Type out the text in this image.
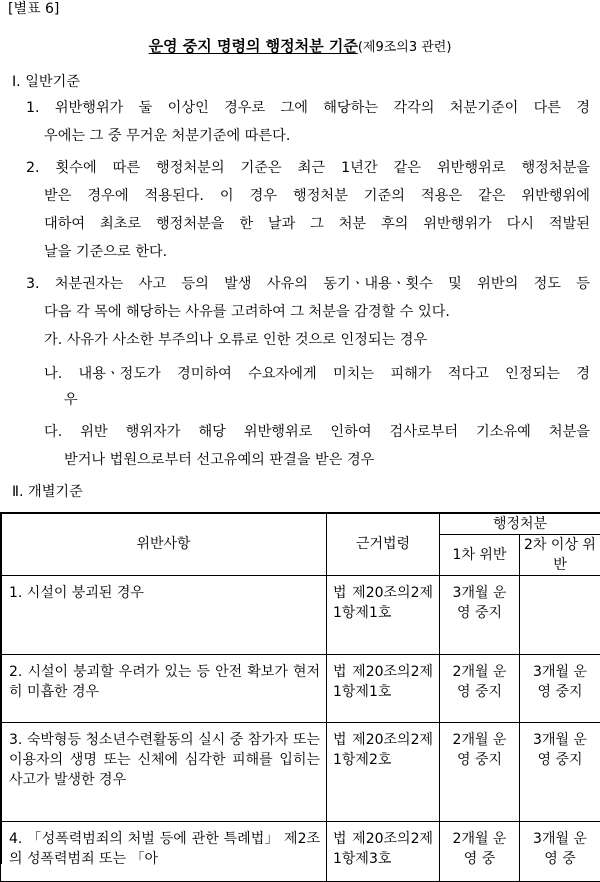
[별표 6]
운영 중지 명령의 행정처분 기준(제9조의3 관련)
Ⅰ. 일반기준
1. 위반행위가 둘 이상인 경우로 그에 해당하는 각각의 처분기준이 다른 경
우에는 그 중 무거운 처분기준에 따른다.
2. 횟수에 따른 행정처분의 기준은 최근 1년간 같은 위반행위로 행정처분을
받은 경우에 적용된다. 이 경우 행정처분 기준의 적용은 같은 위반행위에
대하여 최초로 행정처분을 한 날과 그 처분 후의 위반행위가 다시 적발된
날을 기준으로 한다.
3. 처분권자는 사고 등의 발생 사유의 동기ㆍ내용ㆍ횟수 및 위반의 정도 등
다음 각 목에 해당하는 사유를 고려하여 그 처분을 감경할 수 있다.
가. 사유가 사소한 부주의나 오류로 인한 것으로 인정되는 경우
나. 내용ㆍ정도가 경미하여 수요자에게 미치는 피해가 적다고 인정되는 경
우
다. 위반 행위자가 해당 위반행위로 인하여 검사로부터 기소유예 처분을
받거나 법원으로부터 선고유예의 판결을 받은 경우
Ⅱ. 개별기준
위반사항	근거법령	행정처분	
		1차 위반	2차 이상 위반
1. 시설이 붕괴된 경우	법 제20조의2제1항제1호	3개월 운영 중지	
2. 시설이 붕괴할 우려가 있는 등 안전 확보가 현저히 미흡한 경우	법 제20조의2제1항제1호	2개월 운영 중지	3개월 운영 중지
3. 숙박형등 청소년수련활동의 실시 중 참가자 또는 이용자의 생명 또는 신체에 심각한 피해를 입히는 사고가 발생한 경우	법 제20조의2제1항제2호	2개월 운영 중지	3개월 운영 중지
4. 「성폭력범죄의 처벌 등에 관한 특례법」 제2조의 성폭력범죄 또는 「아	법 제20조의2제1항제3호	2개월 운영 중	3개월 운영 중
